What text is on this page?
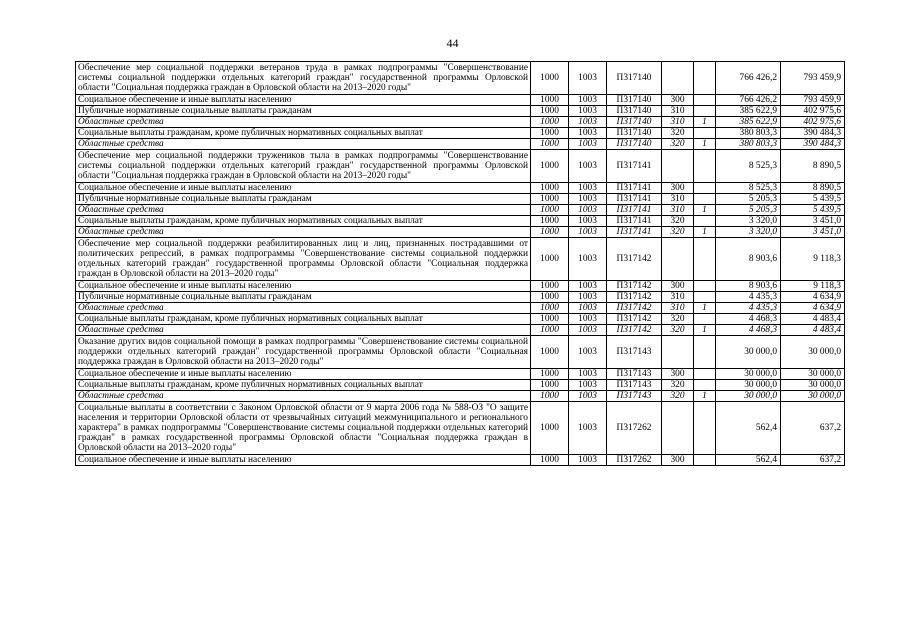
44
Обеспечение мер социальной поддержки ветеранов труда в рамках подпрограммы "Совершенствование системы социальной поддержки отдельных категорий граждан" государственной программы Орловской области "Социальная поддержка граждан в Орловской области на 2013–2020 годы"	1000	1003	П317140			766 426,2	793 459,9
Социальное обеспечение и иные выплаты населению	1000	1003	П317140	300		766 426,2	793 459,9
Публичные нормативные социальные выплаты гражданам	1000	1003	П317140	310		385 622,9	402 975,6
Областные средства	1000	1003	П317140	310	1	385 622,9	402 975,6
Социальные выплаты гражданам, кроме публичных нормативных социальных выплат	1000	1003	П317140	320		380 803,3	390 484,3
Областные средства	1000	1003	П317140	320	1	380 803,3	390 484,3
Обеспечение мер социальной поддержки тружеников тыла в рамках подпрограммы "Совершенствование системы социальной поддержки отдельных категорий граждан" государственной программы Орловской области "Социальная поддержка граждан в Орловской области на 2013–2020 годы"	1000	1003	П317141			8 525,3	8 890,5
Социальное обеспечение и иные выплаты населению	1000	1003	П317141	300		8 525,3	8 890,5
Публичные нормативные социальные выплаты гражданам	1000	1003	П317141	310		5 205,3	5 439,5
Областные средства	1000	1003	П317141	310	1	5 205,3	5 439,5
Социальные выплаты гражданам, кроме публичных нормативных социальных выплат	1000	1003	П317141	320		3 320,0	3 451,0
Областные средства	1000	1003	П317141	320	1	3 320,0	3 451,0
Обеспечение мер социальной поддержки реабилитированных лиц и лиц, признанных пострадавшими от политических репрессий, в рамках подпрограммы "Совершенствование системы социальной поддержки отдельных категорий граждан" государственной программы Орловской области "Социальная поддержка граждан в Орловской области на 2013–2020 годы"	1000	1003	П317142			8 903,6	9 118,3
Социальное обеспечение и иные выплаты населению	1000	1003	П317142	300		8 903,6	9 118,3
Публичные нормативные социальные выплаты гражданам	1000	1003	П317142	310		4 435,3	4 634,9
Областные средства	1000	1003	П317142	310	1	4 435,3	4 634,9
Социальные выплаты гражданам, кроме публичных нормативных социальных выплат	1000	1003	П317142	320		4 468,3	4 483,4
Областные средства	1000	1003	П317142	320	1	4 468,3	4 483,4
Оказание других видов социальной помощи в рамках подпрограммы "Совершенствование системы социальной поддержки отдельных категорий граждан" государственной программы Орловской области "Социальная поддержка граждан в Орловской области на 2013–2020 годы"	1000	1003	П317143			30 000,0	30 000,0
Социальное обеспечение и иные выплаты населению	1000	1003	П317143	300		30 000,0	30 000,0
Социальные выплаты гражданам, кроме публичных нормативных социальных выплат	1000	1003	П317143	320		30 000,0	30 000,0
Областные средства	1000	1003	П317143	320	1	30 000,0	30 000,0
Социальные выплаты в соответствии с Законом Орловской области от 9 марта 2006 года № 588-ОЗ "О защите населения и территории Орловской области от чрезвычайных ситуаций межмуниципального и регионального характера" в рамках подпрограммы "Совершенствование системы социальной поддержки отдельных категорий граждан" в рамках государственной программы Орловской области "Социальная поддержка граждан в Орловской области на 2013–2020 годы"	1000	1003	П317262			562,4	637,2
Социальное обеспечение и иные выплаты населению	1000	1003	П317262	300		562,4	637,2
